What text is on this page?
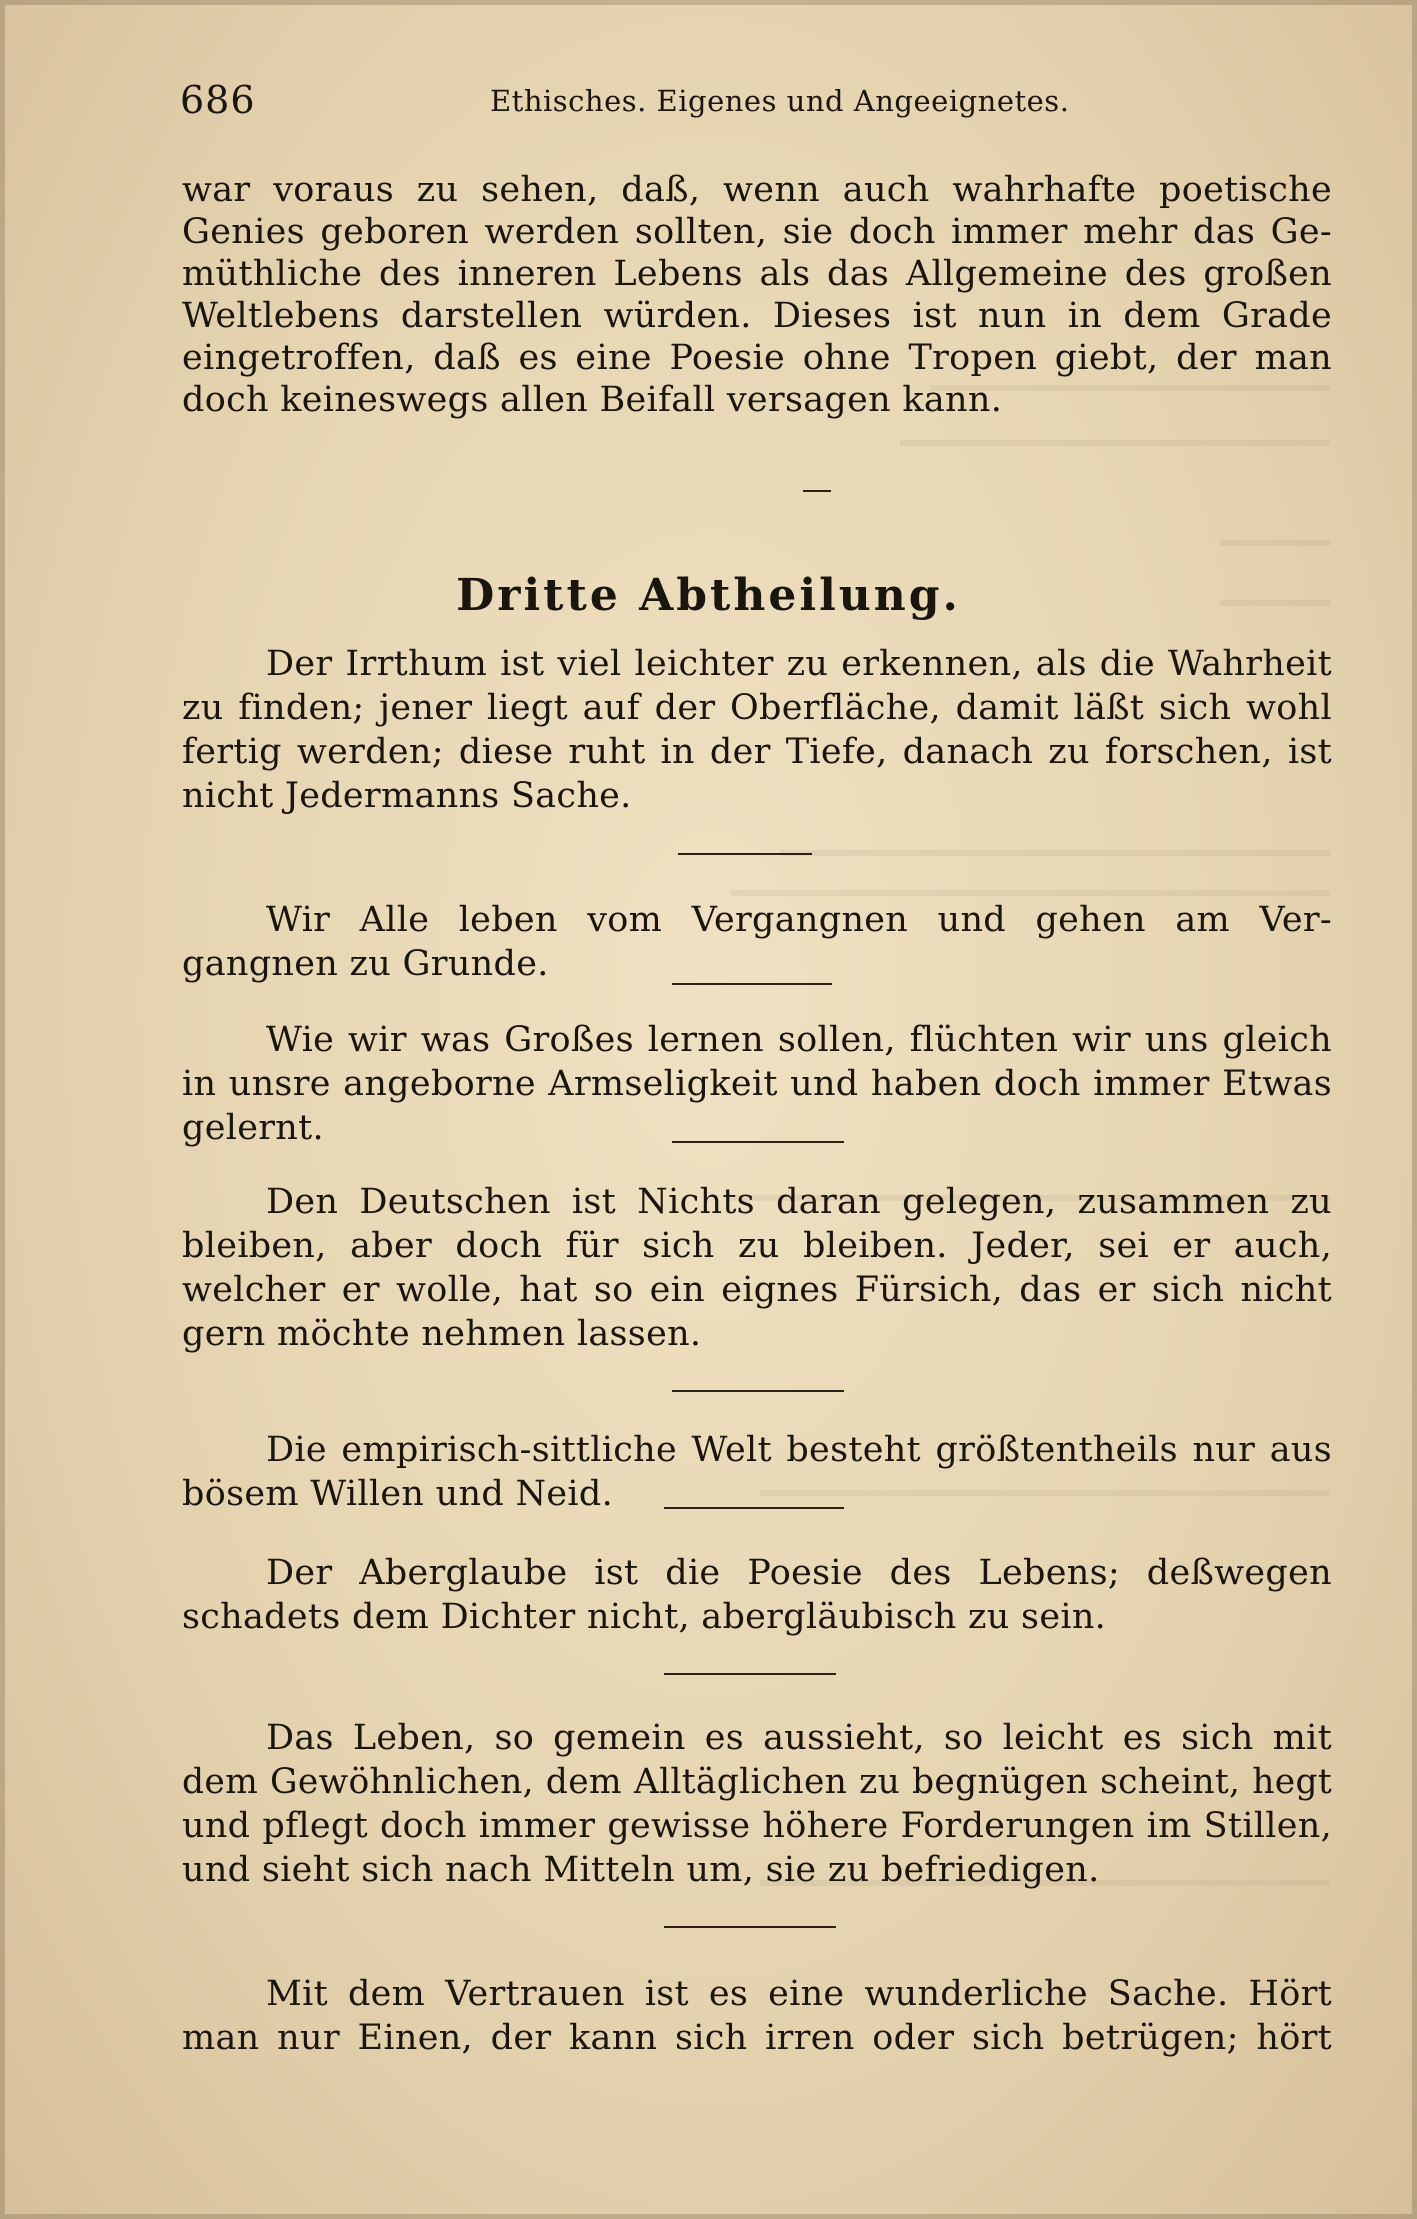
686	Ethisches. Eigenes und Angeeignetes.
war voraus zu sehen, daß, wenn auch wahrhafte poetische
Genies geboren werden sollten, sie doch immer mehr das Ge-
müthliche des inneren Lebens als das Allgemeine des großen
Weltlebens darstellen würden. Dieses ist nun in dem Grade
eingetroffen, daß es eine Poesie ohne Tropen giebt, der man
doch keineswegs allen Beifall versagen kann.
Dritte Abtheilung.
Der Irrthum ist viel leichter zu erkennen, als die Wahrheit
zu finden; jener liegt auf der Oberfläche, damit läßt sich wohl
fertig werden; diese ruht in der Tiefe, danach zu forschen, ist
nicht Jedermanns Sache.
Wir Alle leben vom Vergangnen und gehen am Ver-
gangnen zu Grunde.
Wie wir was Großes lernen sollen, flüchten wir uns gleich
in unsre angeborne Armseligkeit und haben doch immer Etwas
gelernt.
Den Deutschen ist Nichts daran gelegen, zusammen zu
bleiben, aber doch für sich zu bleiben. Jeder, sei er auch,
welcher er wolle, hat so ein eignes Fürsich, das er sich nicht
gern möchte nehmen lassen.
Die empirisch-sittliche Welt besteht größtentheils nur aus
bösem Willen und Neid.
Der Aberglaube ist die Poesie des Lebens; deßwegen
schadets dem Dichter nicht, abergläubisch zu sein.
Das Leben, so gemein es aussieht, so leicht es sich mit
dem Gewöhnlichen, dem Alltäglichen zu begnügen scheint, hegt
und pflegt doch immer gewisse höhere Forderungen im Stillen,
und sieht sich nach Mitteln um, sie zu befriedigen.
Mit dem Vertrauen ist es eine wunderliche Sache. Hört
man nur Einen, der kann sich irren oder sich betrügen; hört
